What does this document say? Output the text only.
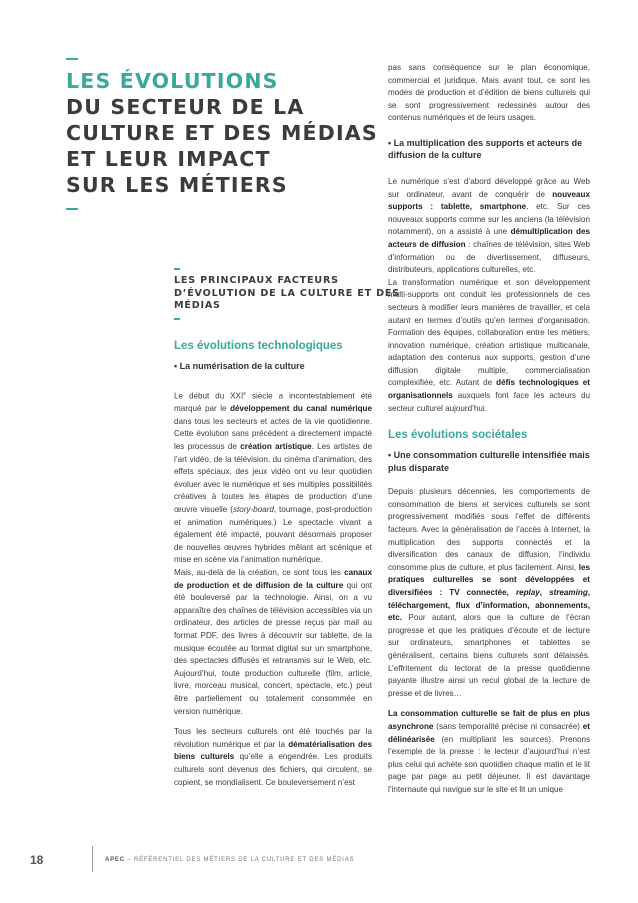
LES ÉVOLUTIONS
DU SECTEUR DE LA
CULTURE ET DES MÉDIAS
ET LEUR IMPACT
SUR LES MÉTIERS
LES PRINCIPAUX FACTEURS
D’ÉVOLUTION DE LA CULTURE ET DES
MÉDIAS
Les évolutions technologiques
• La numérisation de la culture

Le début du XXIe siècle a incontestablement été marqué par le développement du canal numérique dans tous les secteurs et actes de la vie quotidienne. Cette évolution sans précédent a directement impacté les processus de création artistique. Les artistes de l’art vidéo, de la télévision, du cinéma d’animation, des effets spéciaux, des jeux vidéo ont vu leur quotidien évoluer avec le numérique et ses multiples possibilités créatives à toutes les étapes de production d’une œuvre visuelle (story-board, tournage, post-production et animation numériques.) Le spectacle vivant a également été impacté, pouvant désormais proposer de nouvelles œuvres hybrides mêlant art scénique et mise en scène via l’animation numérique.

Mais, au-delà de la création, ce sont tous les canaux de production et de diffusion de la culture qui ont été bouleversé par la technologie. Ainsi, on a vu apparaître des chaînes de télévision accessibles via un ordinateur, des articles de presse reçus par mail au format PDF, des livres à découvrir sur tablette, de la musique écoutée au format digital sur un smartphone, des spectacles diffusés et retransmis sur le Web, etc. Aujourd’hui, toute production culturelle (film, article, livre, morceau musical, concert, spectacle, etc.) peut être partiellement ou totalement consommée en version numérique.

Tous les secteurs culturels ont été touchés par la révolution numérique et par la dématérialisation des biens culturels qu’elle a engendrée. Les produits culturels sont devenus des fichiers, qui circulent, se copient, se mondialisent. Ce bouleversement n’est

pas sans conséquence sur le plan économique, commercial et juridique. Mais avant tout, ce sont les modes de production et d’édition de biens culturels qui se sont progressivement redessinés autour des contenus numériques et de leurs usages.

• La multiplication des supports et acteurs de diffusion de la culture

Le numérique s’est d’abord développé grâce au Web sur ordinateur, avant de conquérir de nouveaux supports : tablette, smartphone, etc. Sur ces nouveaux supports comme sur les anciens (la télévision notamment), on a assisté à une démultiplication des acteurs de diffusion : chaînes de télévision, sites Web d’information ou de divertissement, diffuseurs, distributeurs, applications culturelles, etc.

La transformation numérique et son développement multi-supports ont conduit les professionnels de ces secteurs à modifier leurs manières de travailler, et cela autant en termes d’outils qu’en termes d’organisation. Formation des équipes, collaboration entre les métiers, innovation numérique, création artistique multicanale, adaptation des contenus aux supports, gestion d’une diffusion digitale multiple, commercialisation complexifiée, etc. Autant de défis technologiques et organisationnels auxquels font face les acteurs du secteur culturel aujourd’hui.

Les évolutions sociétales
• Une consommation culturelle intensifiée mais plus disparate

Depuis plusieurs décennies, les comportements de consommation de biens et services culturels se sont progressivement modifiés sous l’effet de différents facteurs. Avec la généralisation de l’accès à Internet, la multiplication des supports connectés et la diversification des canaux de diffusion, l’individu consomme plus de culture, et plus facilement. Ainsi, les pratiques culturelles se sont développées et diversifiées : TV connectée, replay, streaming, téléchargement, flux d’information, abonnements, etc. Pour autant, alors que la culture de l’écran progresse et que les pratiques d’écoute et de lecture sur ordinateurs, smartphones et tablettes se généralisent, certains biens culturels sont délaissés. L’effritement du lectorat de la presse quotidienne payante illustre ainsi un recul global de la lecture de presse et de livres…

La consommation culturelle se fait de plus en plus asynchrone (sans temporalité précise ni consacrée) et délinéarisée (en multipliant les sources). Prenons l’exemple de la presse : le lecteur d’aujourd’hui n’est plus celui qui achète son quotidien chaque matin et le lit page par page au petit déjeuner. Il est davantage l’internaute qui navigue sur le site et lit un unique

18	APEC – RÉFÉRENTIEL DES MÉTIERS DE LA CULTURE ET DES MÉDIAS
